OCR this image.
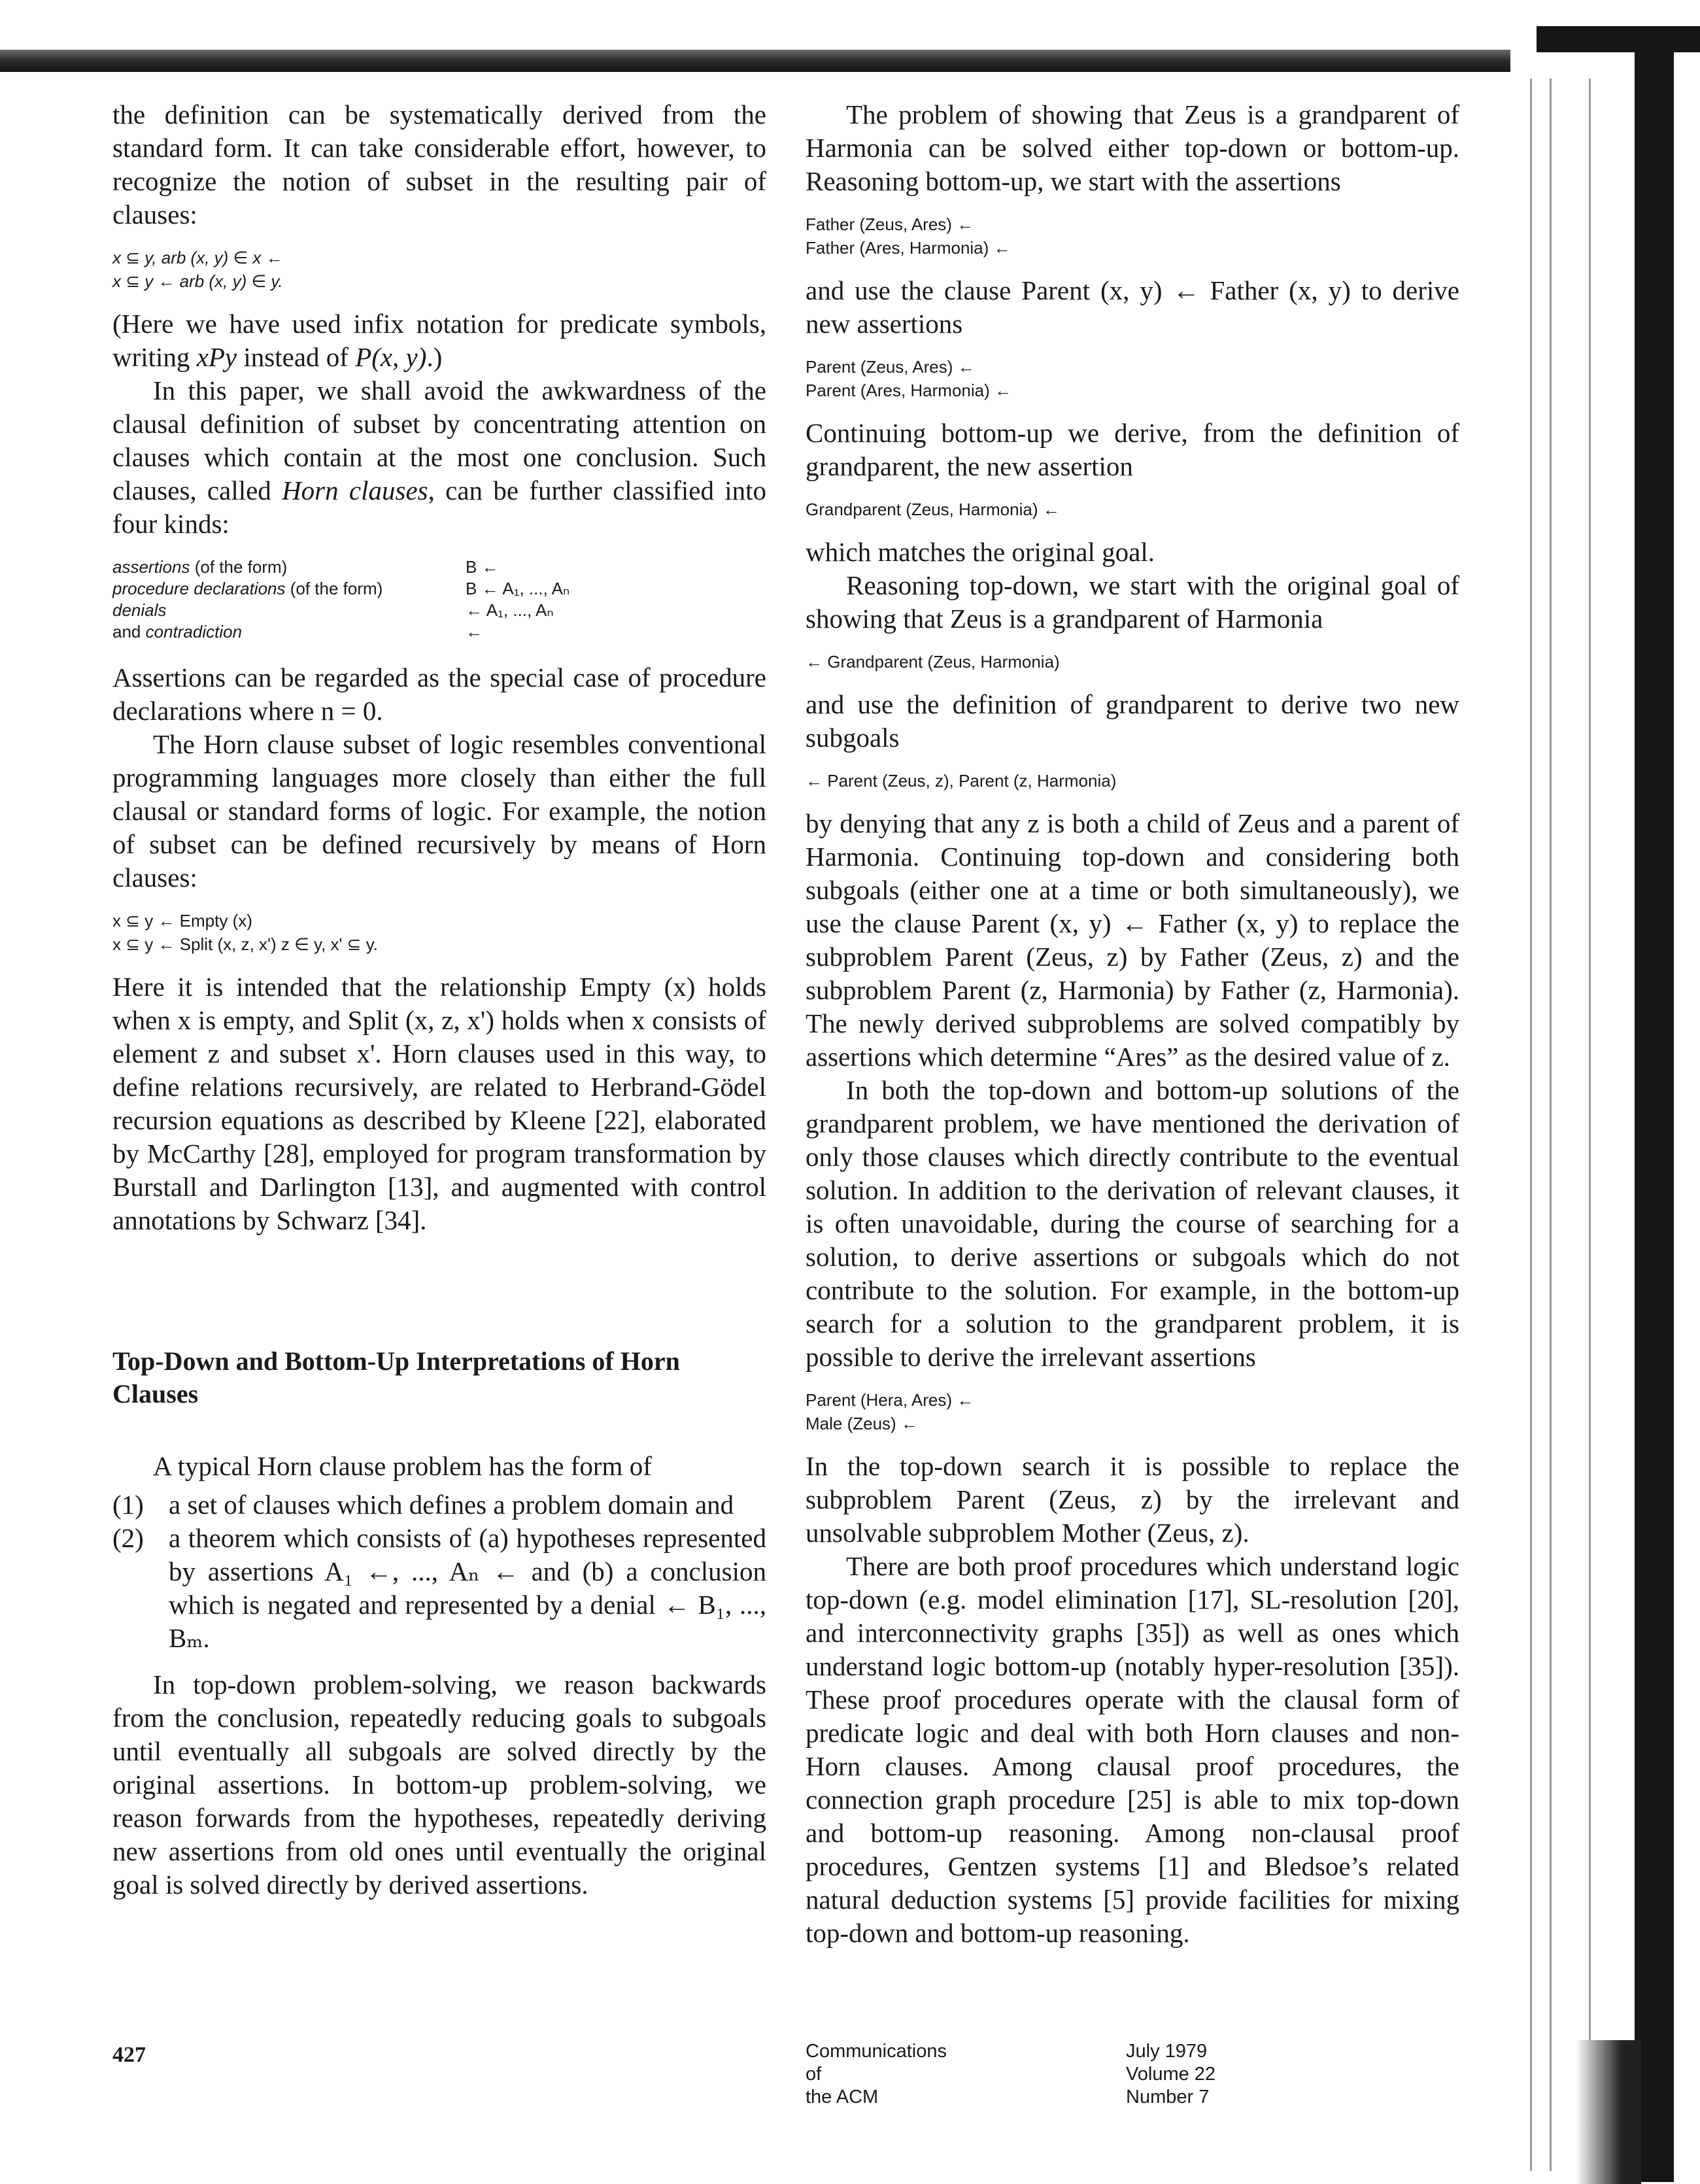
the definition can be systematically derived from the standard form. It can take considerable effort, however, to recognize the notion of subset in the resulting pair of clauses:

x ⊆ y, arb (x, y) ∈ x ←
x ⊆ y ← arb (x, y) ∈ y.

(Here we have used infix notation for predicate symbols, writing xPy instead of P(x, y).)

In this paper, we shall avoid the awkwardness of the clausal definition of subset by concentrating attention on clauses which contain at the most one conclusion. Such clauses, called Horn clauses, can be further classified into four kinds:

assertions (of the form)	B ←
procedure declarations (of the form)	B ← A₁, ..., Aₙ
denials	← A₁, ..., Aₙ
and contradiction	←

Assertions can be regarded as the special case of procedure declarations where n = 0.

The Horn clause subset of logic resembles conventional programming languages more closely than either the full clausal or standard forms of logic. For example, the notion of subset can be defined recursively by means of Horn clauses:

x ⊆ y ← Empty (x)
x ⊆ y ← Split (x, z, x') z ∈ y, x' ⊆ y.

Here it is intended that the relationship Empty (x) holds when x is empty, and Split (x, z, x') holds when x consists of element z and subset x'. Horn clauses used in this way, to define relations recursively, are related to Herbrand-Gödel recursion equations as described by Kleene [22], elaborated by McCarthy [28], employed for program transformation by Burstall and Darlington [13], and augmented with control annotations by Schwarz [34].

Top-Down and Bottom-Up Interpretations of Horn Clauses

A typical Horn clause problem has the form of

(1) a set of clauses which defines a problem domain and
(2) a theorem which consists of (a) hypotheses represented by assertions A₁ ←, ..., Aₙ ← and (b) a conclusion which is negated and represented by a denial ← B₁, ..., Bₘ.

In top-down problem-solving, we reason backwards from the conclusion, repeatedly reducing goals to subgoals until eventually all subgoals are solved directly by the original assertions. In bottom-up problem-solving, we reason forwards from the hypotheses, repeatedly deriving new assertions from old ones until eventually the original goal is solved directly by derived assertions.

The problem of showing that Zeus is a grandparent of Harmonia can be solved either top-down or bottom-up. Reasoning bottom-up, we start with the assertions

Father (Zeus, Ares) ←
Father (Ares, Harmonia) ←

and use the clause Parent (x, y) ← Father (x, y) to derive new assertions

Parent (Zeus, Ares) ←
Parent (Ares, Harmonia) ←

Continuing bottom-up we derive, from the definition of grandparent, the new assertion

Grandparent (Zeus, Harmonia) ←

which matches the original goal.

Reasoning top-down, we start with the original goal of showing that Zeus is a grandparent of Harmonia

← Grandparent (Zeus, Harmonia)

and use the definition of grandparent to derive two new subgoals

← Parent (Zeus, z), Parent (z, Harmonia)

by denying that any z is both a child of Zeus and a parent of Harmonia. Continuing top-down and considering both subgoals (either one at a time or both simultaneously), we use the clause Parent (x, y) ← Father (x, y) to replace the subproblem Parent (Zeus, z) by Father (Zeus, z) and the subproblem Parent (z, Harmonia) by Father (z, Harmonia). The newly derived subproblems are solved compatibly by assertions which determine “Ares” as the desired value of z.

In both the top-down and bottom-up solutions of the grandparent problem, we have mentioned the derivation of only those clauses which directly contribute to the eventual solution. In addition to the derivation of relevant clauses, it is often unavoidable, during the course of searching for a solution, to derive assertions or subgoals which do not contribute to the solution. For example, in the bottom-up search for a solution to the grandparent problem, it is possible to derive the irrelevant assertions

Parent (Hera, Ares) ←
Male (Zeus) ←

In the top-down search it is possible to replace the subproblem Parent (Zeus, z) by the irrelevant and unsolvable subproblem Mother (Zeus, z).

There are both proof procedures which understand logic top-down (e.g. model elimination [17], SL-resolution [20], and interconnectivity graphs [35]) as well as ones which understand logic bottom-up (notably hyper-resolution [35]). These proof procedures operate with the clausal form of predicate logic and deal with both Horn clauses and non-Horn clauses. Among clausal proof procedures, the connection graph procedure [25] is able to mix top-down and bottom-up reasoning. Among non-clausal proof procedures, Gentzen systems [1] and Bledsoe’s related natural deduction systems [5] provide facilities for mixing top-down and bottom-up reasoning.

427	Communications
of
the ACM
July 1979
Volume 22
Number 7
